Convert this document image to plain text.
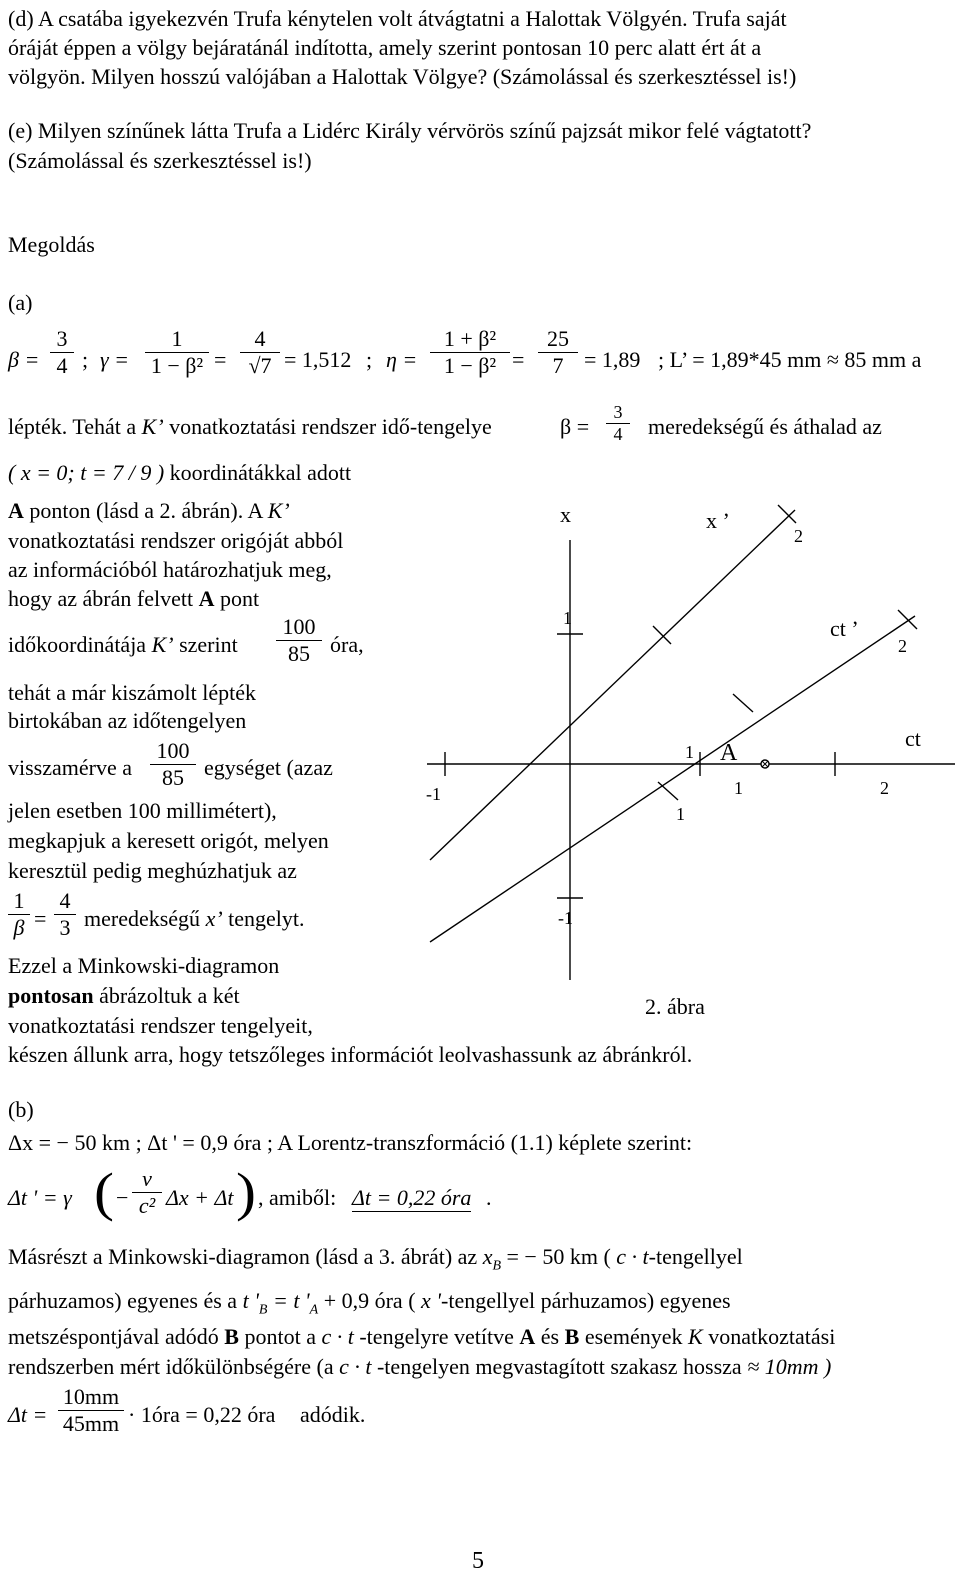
(d) A csatába igyekezvén Trufa kénytelen volt átvágtatni a Halottak Völgyén. Trufa saját
óráját éppen a völgy bejáratánál indította, amely szerint pontosan 10 perc alatt ért át a
völgyön. Milyen hosszú valójában a Halottak Völgye? (Számolással és szerkesztéssel is!)
(e) Milyen színűnek látta Trufa a Lidérc Király vérvörös színű pajzsát mikor felé vágtatott?
(Számolással és szerkesztéssel is!)
Megoldás
(a)
$\beta = \frac{3}{4}$ ; $\gamma = \frac{1}{\text{1 − β²}} = \frac{4}{√7} = 1,512$ ; $\eta = \frac{\text{1 + β²}}{\text{1 − β²}} = \frac{25}{7} = 1,89$ ; L’ = 1,89*45 mm ≈ 85 mm a
lépték. Tehát a K’ vonatkoztatási rendszer idő-tengelye	$\beta = \frac{3}{4}$ meredekségű és áthalad az
( x = 0; t = 7 / 9 ) koordinátákkal adott
A ponton (lásd a 2. ábrán). A K’
vonatkoztatási rendszer origóját abból
az információból határozhatjuk meg,
hogy az ábrán felvett A pont
időkoordinátája K’ szerint $\frac{100}{85}$ óra,
tehát a már kiszámolt lépték
birtokában az időtengelyen
visszamérve a $\frac{100}{85}$ egységet (azaz
jelen esetben 100 millimétert),
megkapjuk a keresett origót, melyen
keresztül pedig meghúzhatjuk az
$\frac{1}{\beta} = \frac{4}{3}$ meredekségű x’ tengelyt.
Ezzel a Minkowski-diagramon
pontosan ábrázoltuk a két
vonatkoztatási rendszer tengelyeit,
készen állunk arra, hogy tetszőleges információt leolvashassunk az ábránkról.
x	x ’
ct ’
ct
A
2
1
2
1
1	2
-1
1
-1
2. ábra
(b)
Δx = − 50 km ; Δt ' = 0,9 óra ; A Lorentz-transzformáció (1.1) képlete szerint:
Δt ' = γ ( − $\frac{v}{\text{c²}}$ Δx + Δt ) , amiből: Δt = 0,22 óra .
Másrészt a Minkowski-diagramon (lásd a 3. ábrát) az $x_B$ = − 50 km ( c · t-tengellyel
párhuzamos) egyenes és a t '$_B = t$ '$_A + 0,9$ óra ( x '-tengellyel párhuzamos) egyenes
metszéspontjával adódó B pontot a c · t -tengelyre vetítve A és B események K vonatkoztatási
rendszerben mért időkülönbségére (a c · t -tengelyen megvastagított szakasz hossza ≈ 10mm )
$\Delta t = \frac{10mm}{45mm}$ · 1óra = 0,22 óra adódik.
5
